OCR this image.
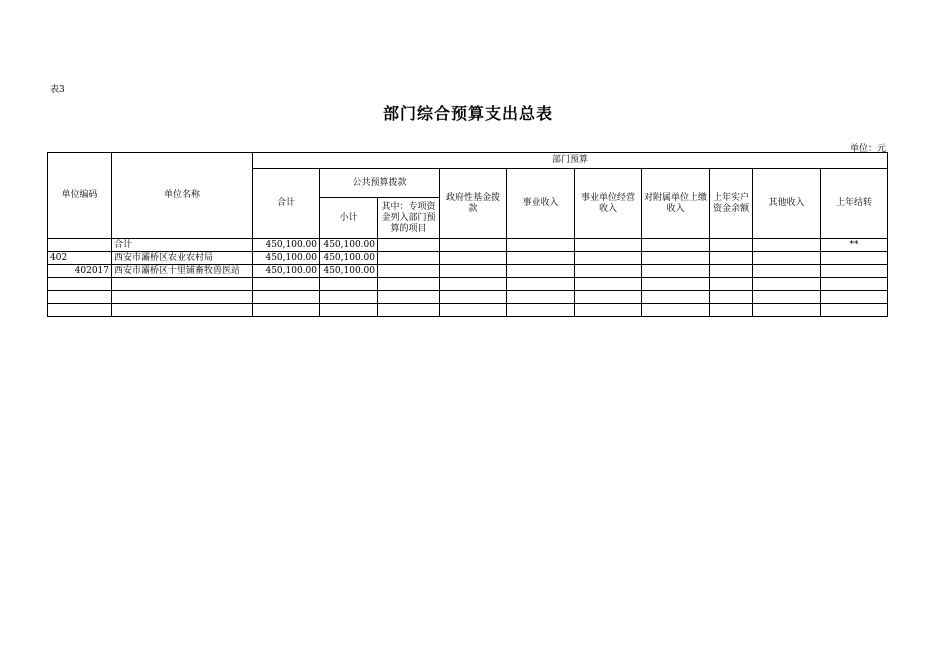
表3
部门综合预算支出总表
单位：元
单位编码	单位名称	部门预算									
		合计	公共预算拨款		政府性基金拨款	事业收入	事业单位经营收入	对附属单位上缴收入	上年实户资金余额	其他收入	上年结转
			小计	其中：专项资金列入部门预算的项目							

	合计	450,100.00	450,100.00								**
402	西安市灞桥区农业农村局	450,100.00	450,100.00								
402017	西安市灞桥区十里铺畜牧兽医站	450,100.00	450,100.00								
